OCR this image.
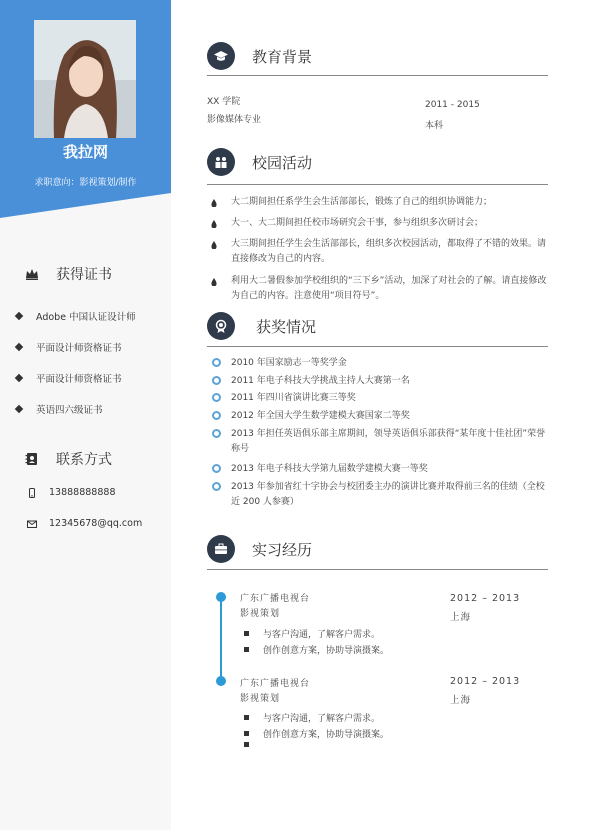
我拉网
求职意向：影视策划/制作
获得证书
Adobe 中国认证设计师
平面设计师资格证书
平面设计师资格证书
英语四六级证书
联系方式
13888888888
12345678@qq.com
教育背景
XX 学院
影像媒体专业
2011 - 2015
本科
校园活动
大二期间担任系学生会生活部部长，锻炼了自己的组织协调能力；
大一、大二期间担任校市场研究会干事，参与组织多次研讨会；
大三期间担任学生会生活部部长，组织多次校园活动，都取得了不错的效果。请直接修改为自己的内容。
利用大二暑假参加学校组织的“三下乡”活动，加深了对社会的了解。请直接修改为自己的内容。注意使用“项目符号”。
获奖情况
2010 年国家励志一等奖学金
2011 年电子科技大学挑战主持人大赛第一名
2011 年四川省演讲比赛三等奖
2012 年全国大学生数学建模大赛国家二等奖
2013 年担任英语俱乐部主席期间，领导英语俱乐部获得“某年度十佳社团”荣誉称号
2013 年电子科技大学第九届数学建模大赛一等奖
2013 年参加省红十字协会与校团委主办的演讲比赛并取得前三名的佳绩（全校近 200 人参赛）
实习经历
广东广播电视台
影视策划
2012 – 2013
上海
与客户沟通，了解客户需求。
创作创意方案，协助导演摄案。
广东广播电视台
影视策划
2012 – 2013
上海
与客户沟通，了解客户需求。
创作创意方案，协助导演摄案。
